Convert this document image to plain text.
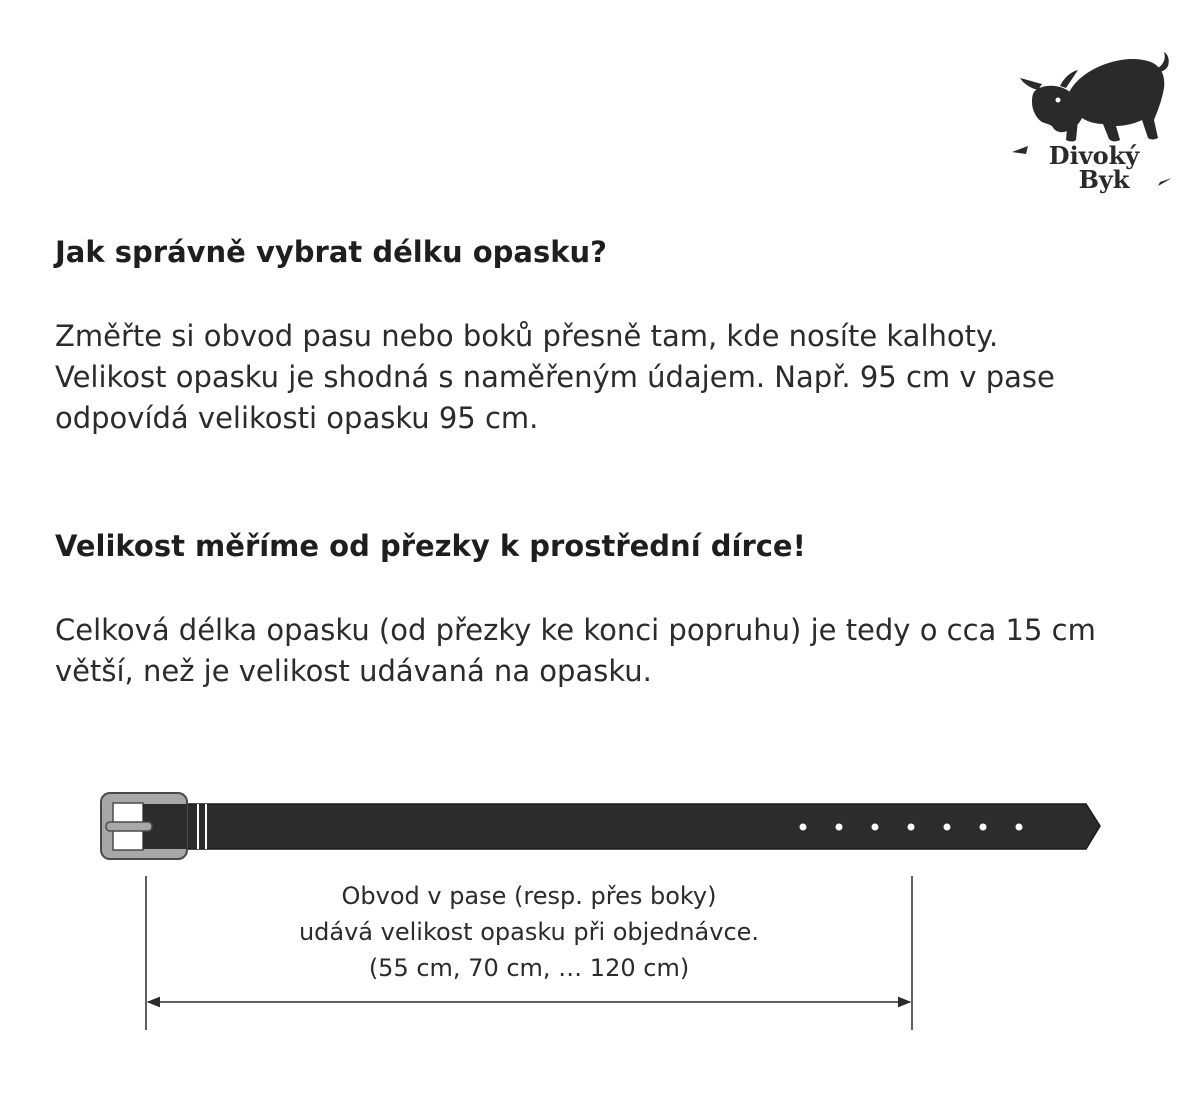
Divoký
Byk
Jak správně vybrat délku opasku?

Změřte si obvod pasu nebo boků přesně tam, kde nosíte kalhoty.
Velikost opasku je shodná s naměřeným údajem. Např. 95 cm v pase
odpovídá velikosti opasku 95 cm.

Velikost měříme od přezky k prostřední dírce!

Celková délka opasku (od přezky ke konci popruhu) je tedy o cca 15 cm
větší, než je velikost udávaná na opasku.

Obvod v pase (resp. přes boky)
udává velikost opasku při objednávce.
(55 cm, 70 cm, … 120 cm)
